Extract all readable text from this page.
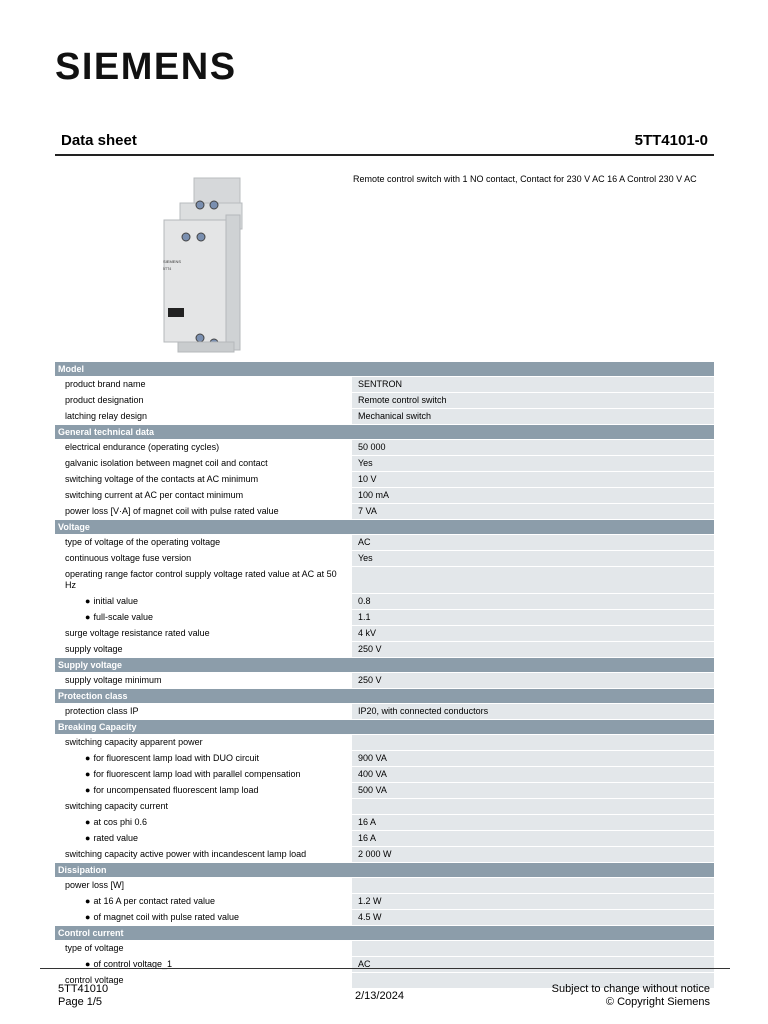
SIEMENS
Data sheet	5TT4101-0
SIEMENS
5TT4
Remote control switch with 1 NO contact, Contact for 230 V AC 16 A Control 230 V AC
Model
product brand name	SENTRON
product designation	Remote control switch
latching relay design	Mechanical switch
General technical data
electrical endurance (operating cycles)	50 000
galvanic isolation between magnet coil and contact	Yes
switching voltage of the contacts at AC minimum	10 V
switching current at AC per contact minimum	100 mA
power loss [V·A] of magnet coil with pulse rated value	7 VA
Voltage
type of voltage of the operating voltage	AC
continuous voltage fuse version	Yes
operating range factor control supply voltage rated value at AC at 50 Hz
● initial value	0.8
● full-scale value	1.1
surge voltage resistance rated value	4 kV
supply voltage	250 V
Supply voltage
supply voltage minimum	250 V
Protection class
protection class IP	IP20, with connected conductors
Breaking Capacity
switching capacity apparent power
● for fluorescent lamp load with DUO circuit	900 VA
● for fluorescent lamp load with parallel compensation	400 VA
● for uncompensated fluorescent lamp load	500 VA
switching capacity current
● at cos phi 0.6	16 A
● rated value	16 A
switching capacity active power with incandescent lamp load	2 000 W
Dissipation
power loss [W]
● at 16 A per contact rated value	1.2 W
● of magnet coil with pulse rated value	4.5 W
Control current
type of voltage
● of control voltage_1	AC
control voltage
5TT41010
Page 1/5	2/13/2024
Subject to change without notice
© Copyright Siemens
